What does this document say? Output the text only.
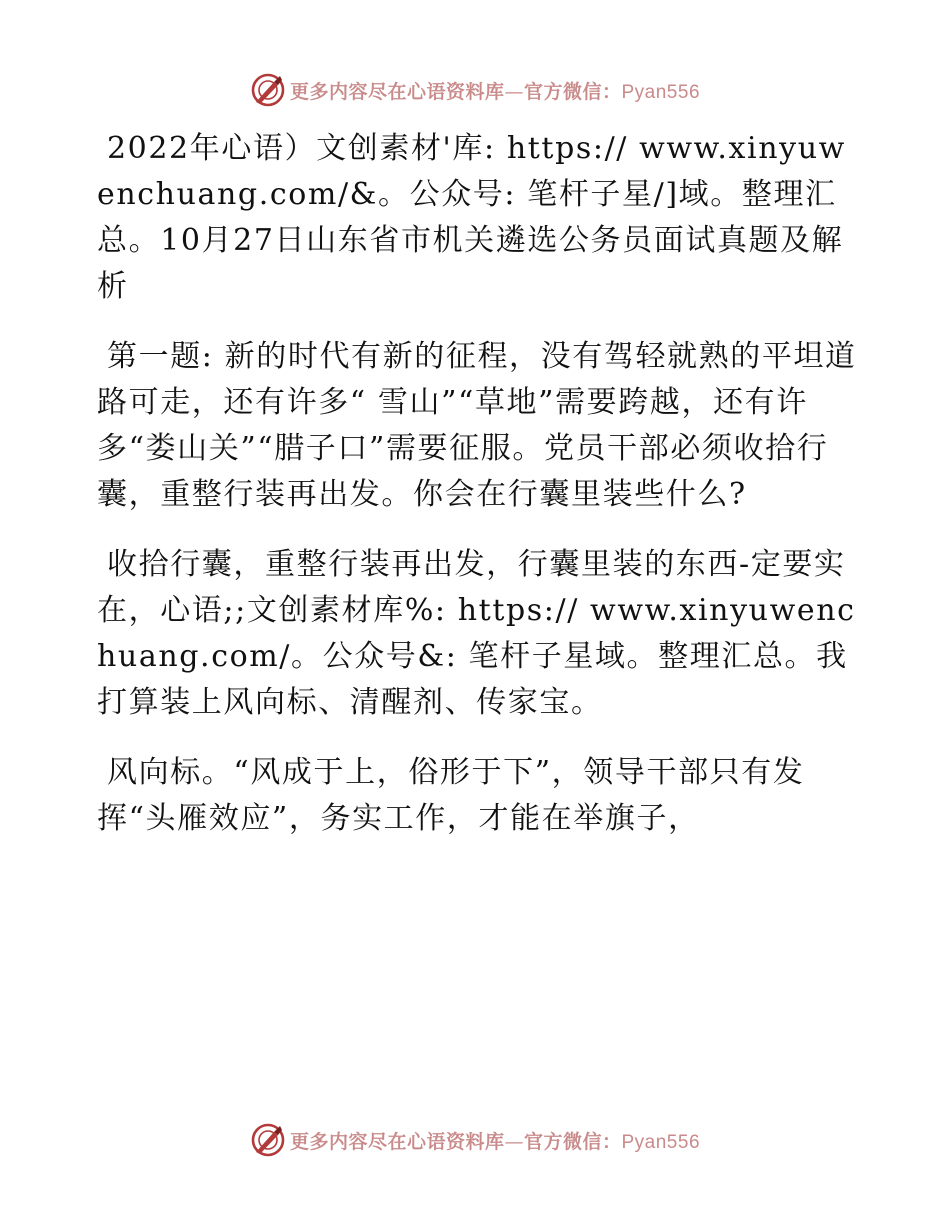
更多内容尽在心语资料库—官方微信：Pyan556

2022年心语）文创素材'库: https:// www.xinyuwenchuang.com/&。公众号: 笔杆子星/]域。整理汇总。10月27日山东省市机关遴选公务员面试真题及解析

第一题: 新的时代有新的征程，没有驾轻就熟的平坦道路可走，还有许多“ 雪山”“草地”需要跨越，还有许多“娄山关”“腊子口”需要征服。党员干部必须收拾行囊，重整行装再出发。你会在行囊里装些什么?

收拾行囊，重整行装再出发，行囊里装的东西-定要实在，心语;;文创素材库%: https:// www.xinyuwenchuang.com/。公众号&: 笔杆子星域。整理汇总。我打算装上风向标、清醒剂、传家宝。

风向标。“风成于上，俗形于下”，领导干部只有发挥“头雁效应”，务实工作，才能在举旗子，

更多内容尽在心语资料库—官方微信：Pyan556
